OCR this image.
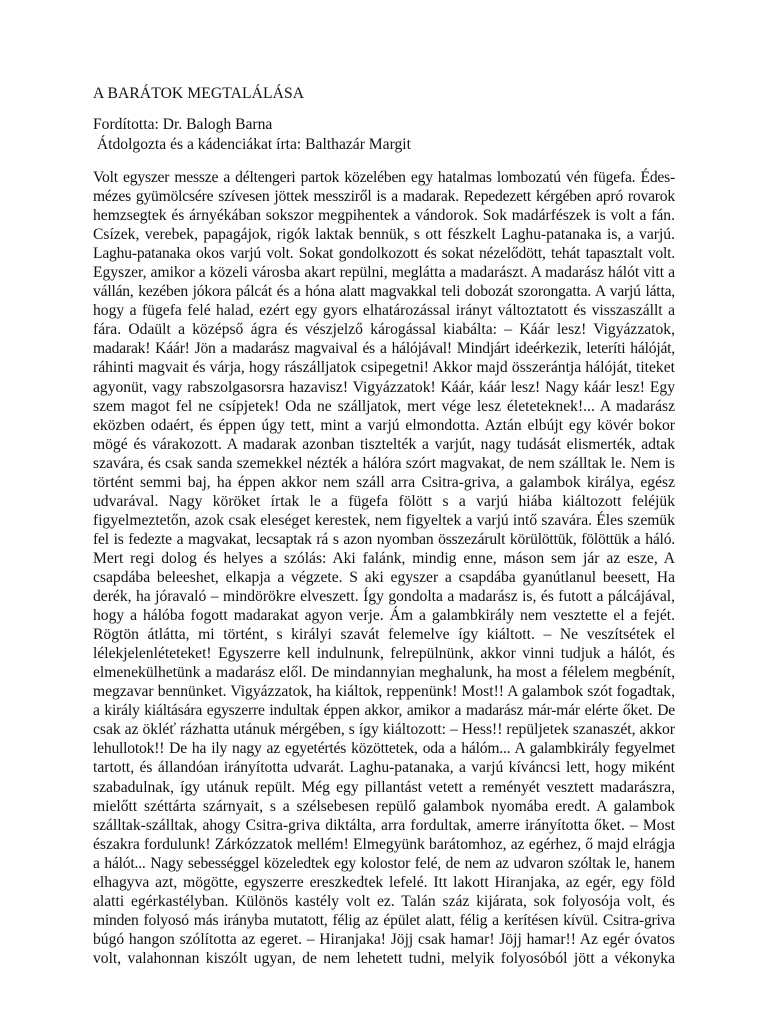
A BARÁTOK MEGTALÁLÁSA
Fordította: Dr. Balogh Barna
Átdolgozta és a kádenciákat írta: Balthazár Margit
Volt egyszer messze a déltengeri partok közelében egy hatalmas lombozatú vén fügefa. Édes-
mézes gyümölcsére szívesen jöttek messziről is a madarak. Repedezett kérgében apró rovarok
hemzsegtek és árnyékában sokszor megpihentek a vándorok. Sok madárfészek is volt a fán.
Csízek, verebek, papagájok, rigók laktak bennük, s ott fészkelt Laghu-patanaka is, a varjú.
Laghu-patanaka okos varjú volt. Sokat gondolkozott és sokat nézelődött, tehát tapasztalt volt.
Egyszer, amikor a közeli városba akart repülni, meglátta a madarászt. A madarász hálót vitt a
vállán, kezében jókora pálcát és a hóna alatt magvakkal teli dobozát szorongatta. A varjú látta,
hogy a fügefa felé halad, ezért egy gyors elhatározással irányt változtatott és visszaszállt a
fára. Odaült a középső ágra és vészjelző károgással kiabálta: – Káár lesz! Vigyázzatok,
madarak! Káár! Jön a madarász magvaival és a hálójával! Mindjárt ideérkezik, leteríti hálóját,
ráhinti magvait és várja, hogy rászálljatok csipegetni! Akkor majd összerántja hálóját, titeket
agyonüt, vagy rabszolgasorsra hazavisz! Vigyázzatok! Káár, káár lesz! Nagy káár lesz! Egy
szem magot fel ne csípjetek! Oda ne szálljatok, mert vége lesz életeteknek!... A madarász
eközben odaért, és éppen úgy tett, mint a varjú elmondotta. Aztán elbújt egy kövér bokor
mögé és várakozott. A madarak azonban tisztelték a varjút, nagy tudását elismerték, adtak
szavára, és csak sanda szemekkel nézték a hálóra szórt magvakat, de nem szálltak le. Nem is
történt semmi baj, ha éppen akkor nem száll arra Csitra-griva, a galambok királya, egész
udvarával. Nagy köröket írtak le a fügefa fölött s a varjú hiába kiáltozott feléjük
figyelmeztetőn, azok csak eleséget kerestek, nem figyeltek a varjú intő szavára. Éles szemük
fel is fedezte a magvakat, lecsaptak rá s azon nyomban összezárult körülöttük, fölöttük a háló.
Mert regi dolog és helyes a szólás: Aki falánk, mindig enne, máson sem jár az esze, A
csapdába beleeshet, elkapja a végzete. S aki egyszer a csapdába gyanútlanul beesett, Ha
derék, ha jóravaló – mindörökre elveszett. Így gondolta a madarász is, és futott a pálcájával,
hogy a hálóba fogott madarakat agyon verje. Ám a galambkirály nem vesztette el a fejét.
Rögtön átlátta, mi történt, s királyi szavát felemelve így kiáltott. – Ne veszítsétek el
lélekjelenléteteket! Egyszerre kell indulnunk, felrepülnünk, akkor vinni tudjuk a hálót, és
elmenekülhetünk a madarász elől. De mindannyian meghalunk, ha most a félelem megbénít,
megzavar bennünket. Vigyázzatok, ha kiáltok, reppenünk! Most!! A galambok szót fogadtak,
a király kiáltására egyszerre indultak éppen akkor, amikor a madarász már-már elérte őket. De
csak az ökléť rázhatta utánuk mérgében, s így kiáltozott: – Hess!! repüljetek szanaszét, akkor
lehullotok!! De ha ily nagy az egyetértés közöttetek, oda a hálóm... A galambkirály fegyelmet
tartott, és állandóan irányította udvarát. Laghu-patanaka, a varjú kíváncsi lett, hogy miként
szabadulnak, így utánuk repült. Még egy pillantást vetett a reményét vesztett madarászra,
mielőtt széttárta szárnyait, s a szélsebesen repülő galambok nyomába eredt. A galambok
szálltak-szálltak, ahogy Csitra-griva diktálta, arra fordultak, amerre irányította őket. – Most
északra fordulunk! Zárkózzatok mellém! Elmegyünk barátomhoz, az egérhez, ő majd elrágja
a hálót... Nagy sebességgel közeledtek egy kolostor felé, de nem az udvaron szóltak le, hanem
elhagyva azt, mögötte, egyszerre ereszkedtek lefelé. Itt lakott Hiranjaka, az egér, egy föld
alatti egérkastélyban. Különös kastély volt ez. Talán száz kijárata, sok folyosója volt, és
minden folyosó más irányba mutatott, félig az épület alatt, félig a kerítésen kívül. Csitra-griva
búgó hangon szólította az egeret. – Hiranjaka! Jöjj csak hamar! Jöjj hamar!! Az egér óvatos
volt, valahonnan kiszólt ugyan, de nem lehetett tudni, melyik folyosóból jött a vékonyka
